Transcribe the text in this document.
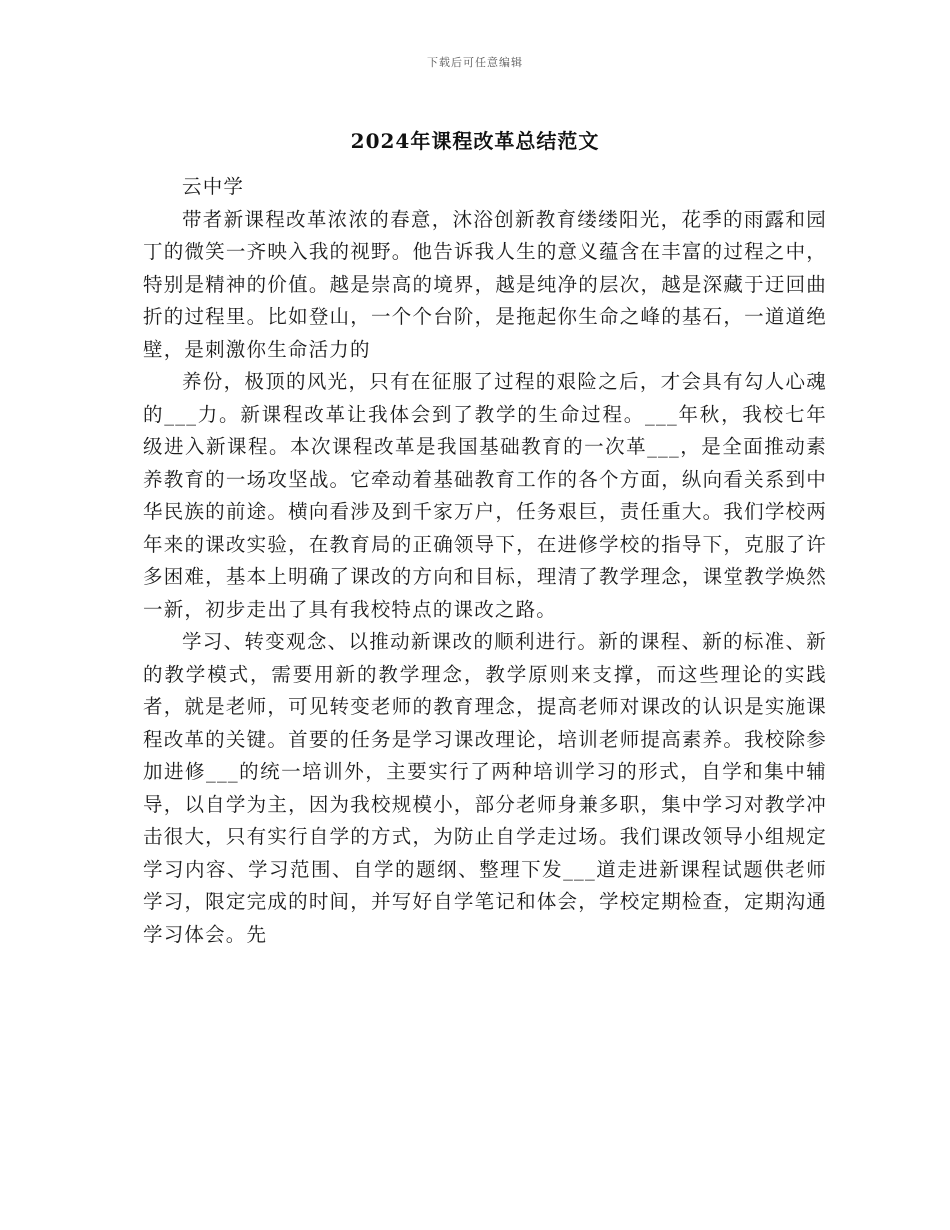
下载后可任意编辑
2024年课程改革总结范文

云中学

带者新课程改革浓浓的春意，沐浴创新教育缕缕阳光，花季的雨露和园丁的微笑一齐映入我的视野。他告诉我人生的意义蕴含在丰富的过程之中，特别是精神的价值。越是崇高的境界，越是纯净的层次，越是深藏于迂回曲折的过程里。比如登山，一个个台阶，是拖起你生命之峰的基石，一道道绝壁，是刺激你生命活力的

养份，极顶的风光，只有在征服了过程的艰险之后，才会具有勾人心魂的___力。新课程改革让我体会到了教学的生命过程。___年秋，我校七年级进入新课程。本次课程改革是我国基础教育的一次革___，是全面推动素养教育的一场攻坚战。它牵动着基础教育工作的各个方面，纵向看关系到中华民族的前途。横向看涉及到千家万户，任务艰巨，责任重大。我们学校两年来的课改实验，在教育局的正确领导下，在进修学校的指导下，克服了许多困难，基本上明确了课改的方向和目标，理清了教学理念，课堂教学焕然一新，初步走出了具有我校特点的课改之路。

学习、转变观念、以推动新课改的顺利进行。新的课程、新的标准、新的教学模式，需要用新的教学理念，教学原则来支撑，而这些理论的实践者，就是老师，可见转变老师的教育理念，提高老师对课改的认识是实施课程改革的关键。首要的任务是学习课改理论，培训老师提高素养。我校除参加进修___的统一培训外，主要实行了两种培训学习的形式，自学和集中辅导，以自学为主，因为我校规模小，部分老师身兼多职，集中学习对教学冲击很大，只有实行自学的方式，为防止自学走过场。我们课改领导小组规定学习内容、学习范围、自学的题纲、整理下发___道走进新课程试题供老师学习，限定完成的时间，并写好自学笔记和体会，学校定期检查，定期沟通学习体会。先
